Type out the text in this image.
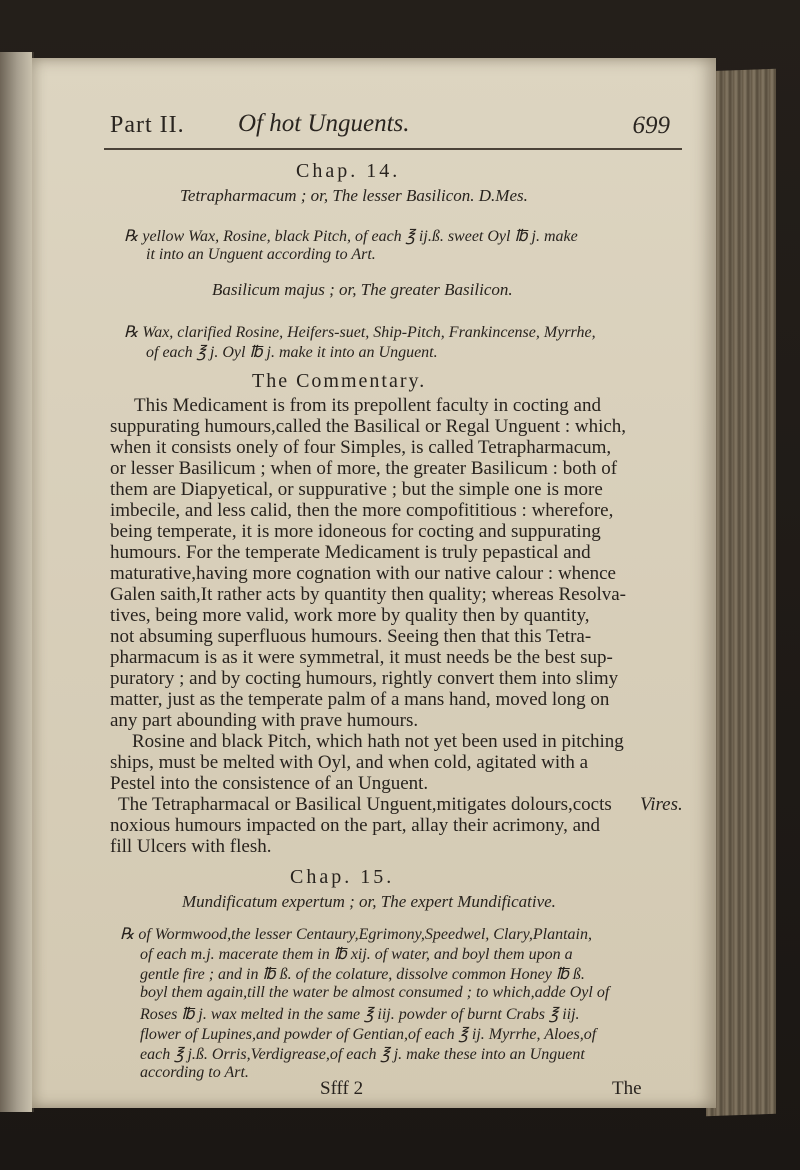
Part II. Of hot Unguents.	699
Chap. 14.
Tetrapharmacum ; or, The lesser Basilicon. D.Mes.
℞ yellow Wax, Rosine, black Pitch, of each ℥ ij.ß. sweet Oyl ℔ j. make
it into an Unguent according to Art.
Basilicum majus ; or, The greater Basilicon.
℞ Wax, clarified Rosine, Heifers-suet, Ship-Pitch, Frankincense, Myrrhe,
of each ℥ j. Oyl ℔ j. make it into an Unguent.
The Commentary.
This Medicament is from its prepollent faculty in cocting and
suppurating humours,called the Basilical or Regal Unguent : which,
when it consists onely of four Simples, is called Tetrapharmacum,
or lesser Basilicum ; when of more, the greater Basilicum : both of
them are Diapyetical, or suppurative ; but the simple one is more
imbecile, and less calid, then the more compofititious : wherefore,
being temperate, it is more idoneous for cocting and suppurating
humours. For the temperate Medicament is truly pepastical and
maturative,having more cognation with our native calour : whence
Galen saith,It rather acts by quantity then quality; whereas Resolva-
tives, being more valid, work more by quality then by quantity,
not absuming superfluous humours. Seeing then that this Tetra-
pharmacum is as it were symmetral, it must needs be the best sup-
puratory ; and by cocting humours, rightly convert them into slimy
matter, just as the temperate palm of a mans hand, moved long on
any part abounding with prave humours.
Rosine and black Pitch, which hath not yet been used in pitching
ships, must be melted with Oyl, and when cold, agitated with a
Pestel into the consistence of an Unguent.
The Tetrapharmacal or Basilical Unguent,mitigates dolours,cocts Vires.
noxious humours impacted on the part, allay their acrimony, and
fill Ulcers with flesh.
Chap. 15.
Mundificatum expertum ; or, The expert Mundificative.
℞ of Wormwood,the lesser Centaury,Egrimony,Speedwel, Clary,Plantain,
of each m.j. macerate them in ℔ xij. of water, and boyl them upon a
gentle fire ; and in ℔ ß. of the colature, dissolve common Honey ℔ ß.
boyl them again,till the water be almost consumed ; to which,adde Oyl of
Roses ℔ j. wax melted in the same ℥ iij. powder of burnt Crabs ℥ iij.
flower of Lupines,and powder of Gentian,of each ℥ ij. Myrrhe, Aloes,of
each ℥ j.ß. Orris,Verdigrease,of each ℥ j. make these into an Unguent
according to Art.
Sfff 2	The
